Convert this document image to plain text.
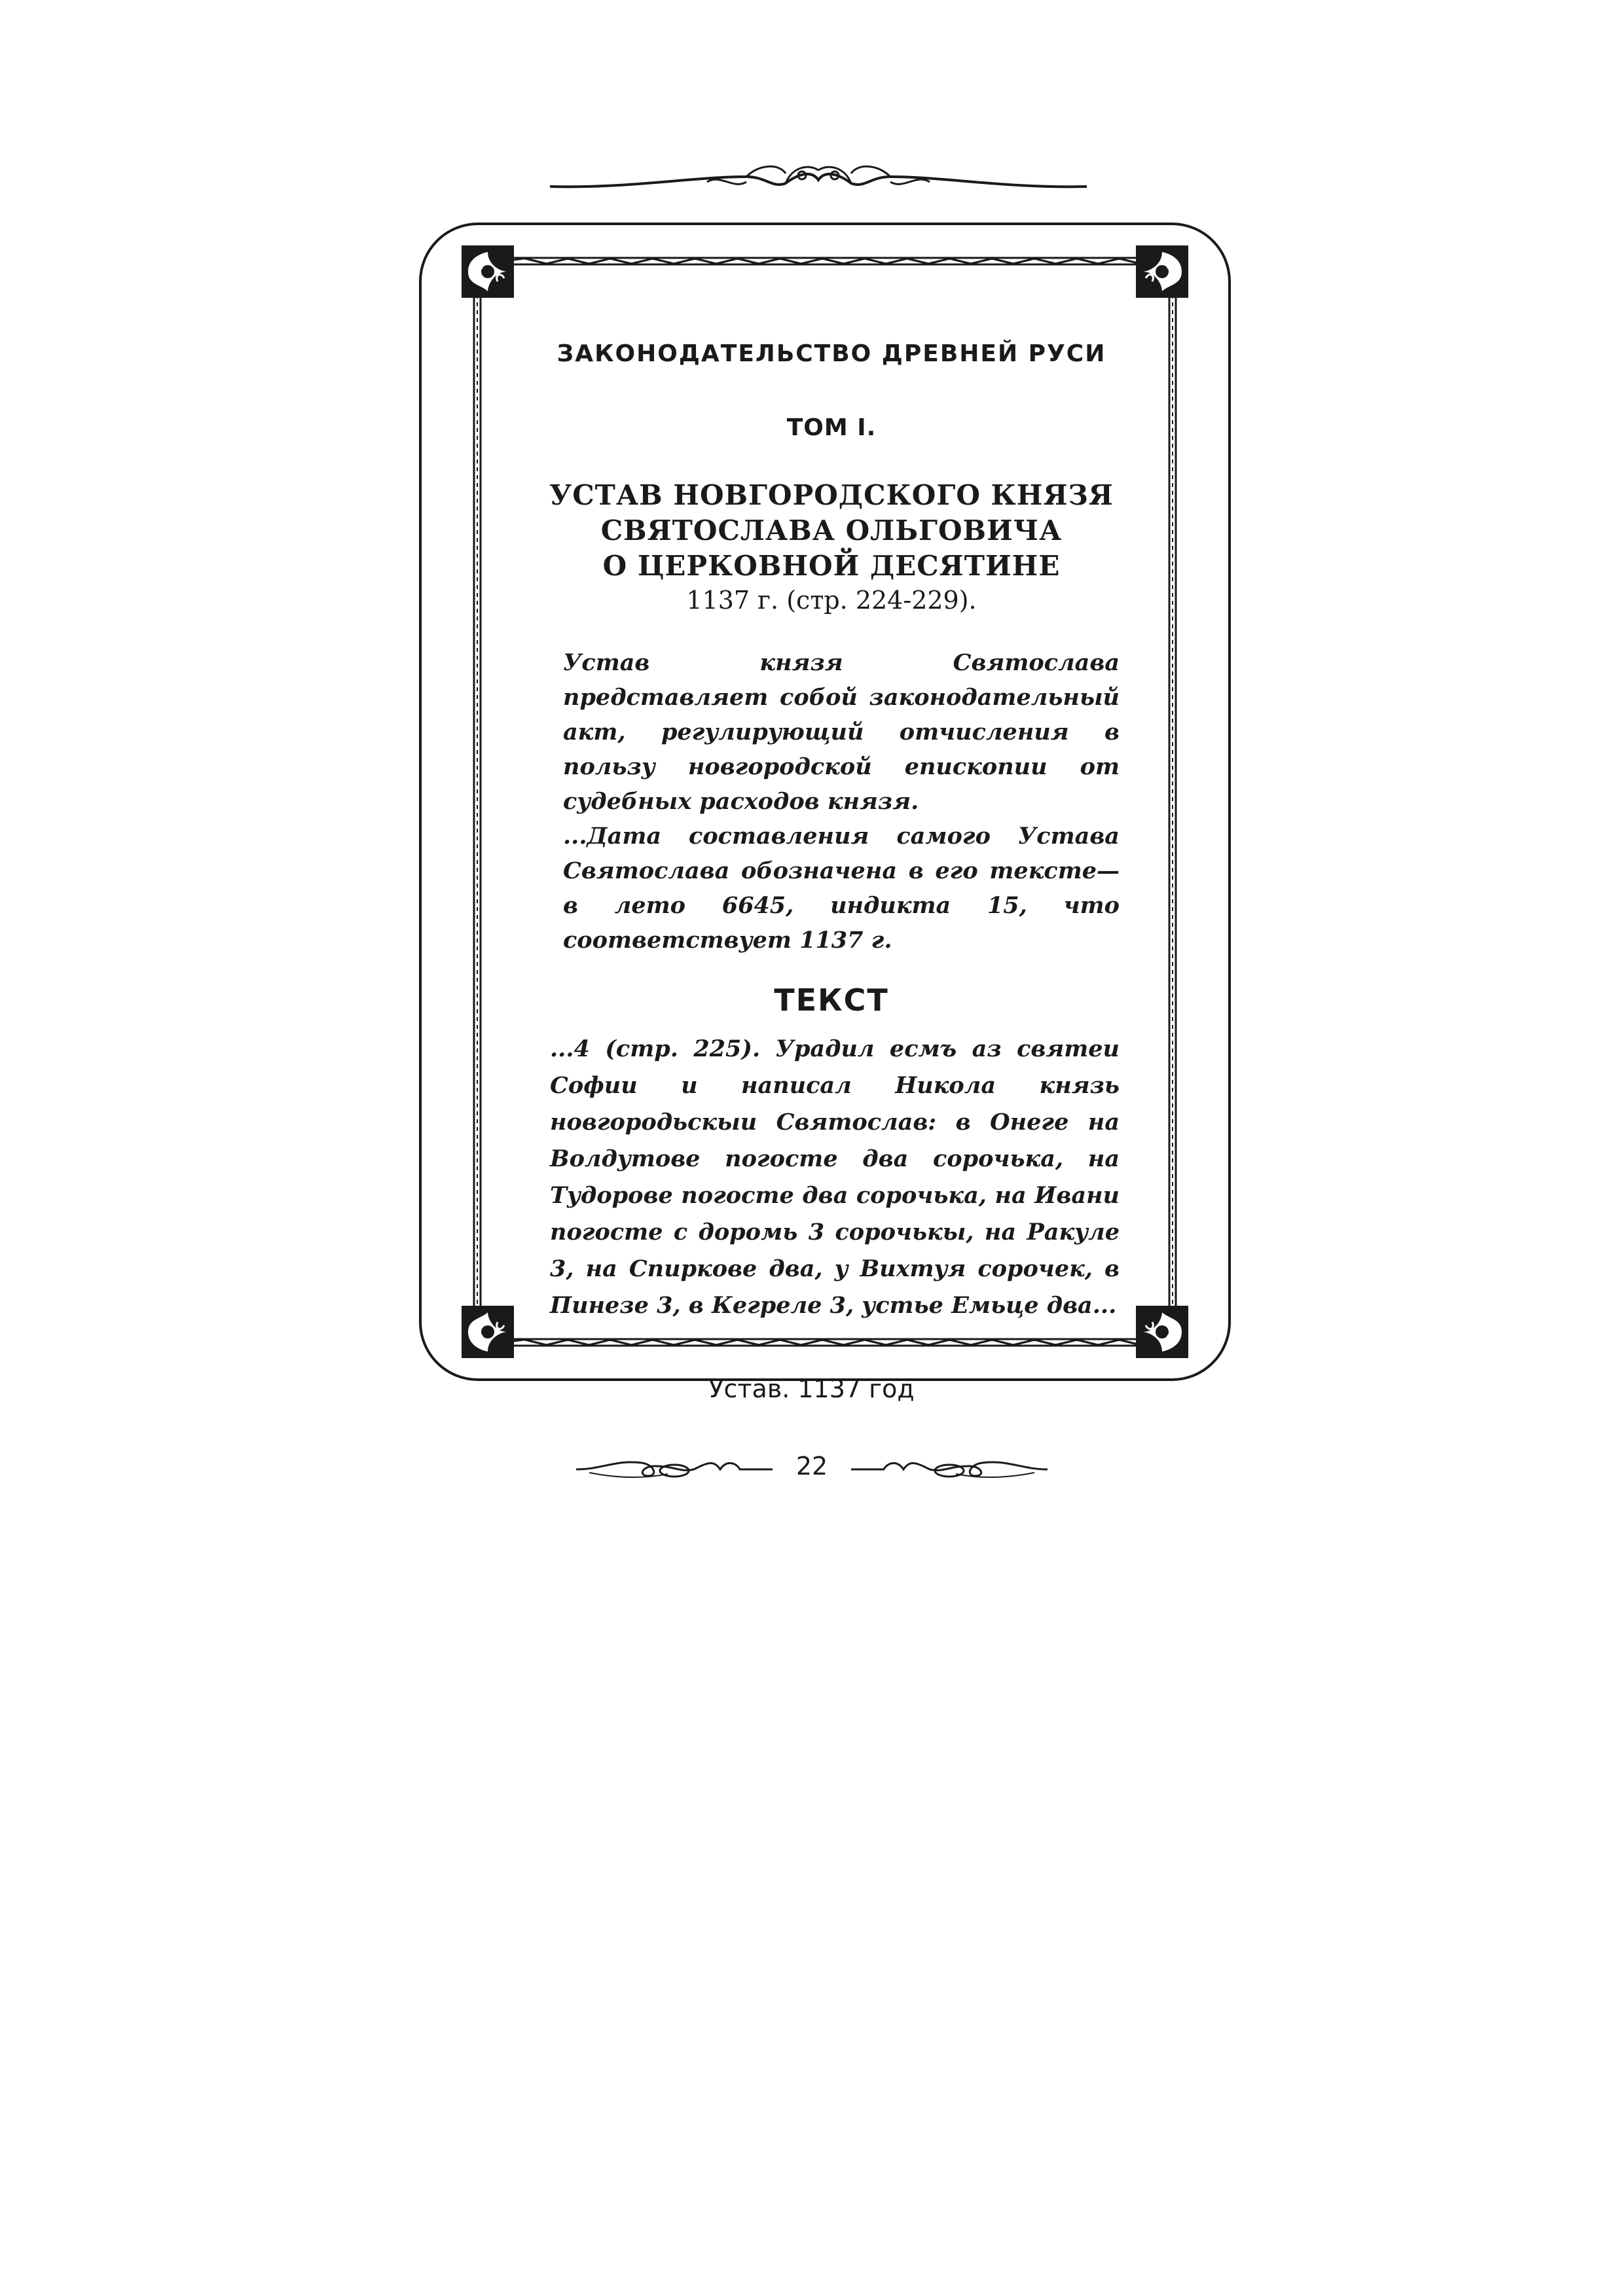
ЗАКОНОДАТЕЛЬСТВО ДРЕВНЕЙ РУСИ
ТОМ I.
УСТАВ НОВГОРОДСКОГО КНЯЗЯ
СВЯТОСЛАВА ОЛЬГОВИЧА
О ЦЕРКОВНОЙ ДЕСЯТИНЕ
1137 г. (стр. 224-229).

Устав князя Святослава представляет собой законодательный акт, регулирующий отчисления в пользу новгородской епископии от судебных расходов князя.

...Дата составления самого Устава Святослава обозначена в его тексте—в лето 6645, индикта 15, что соответствует 1137 г.

ТЕКСТ
...4 (стр. 225). Урадил есмъ аз святеи Софии и написал Никола князь новгородьскыи Святослав: в Онеге на Волдутове погосте два сорочька, на Тудорове погосте два сорочька, на Ивани погосте с доромь 3 сорочькы, на Ракуле 3, на Спиркове два, у Вихтуя сорочек, в Пинезе 3, в Кегреле 3, устье Емьце два...
Устав. 1137 год
22
